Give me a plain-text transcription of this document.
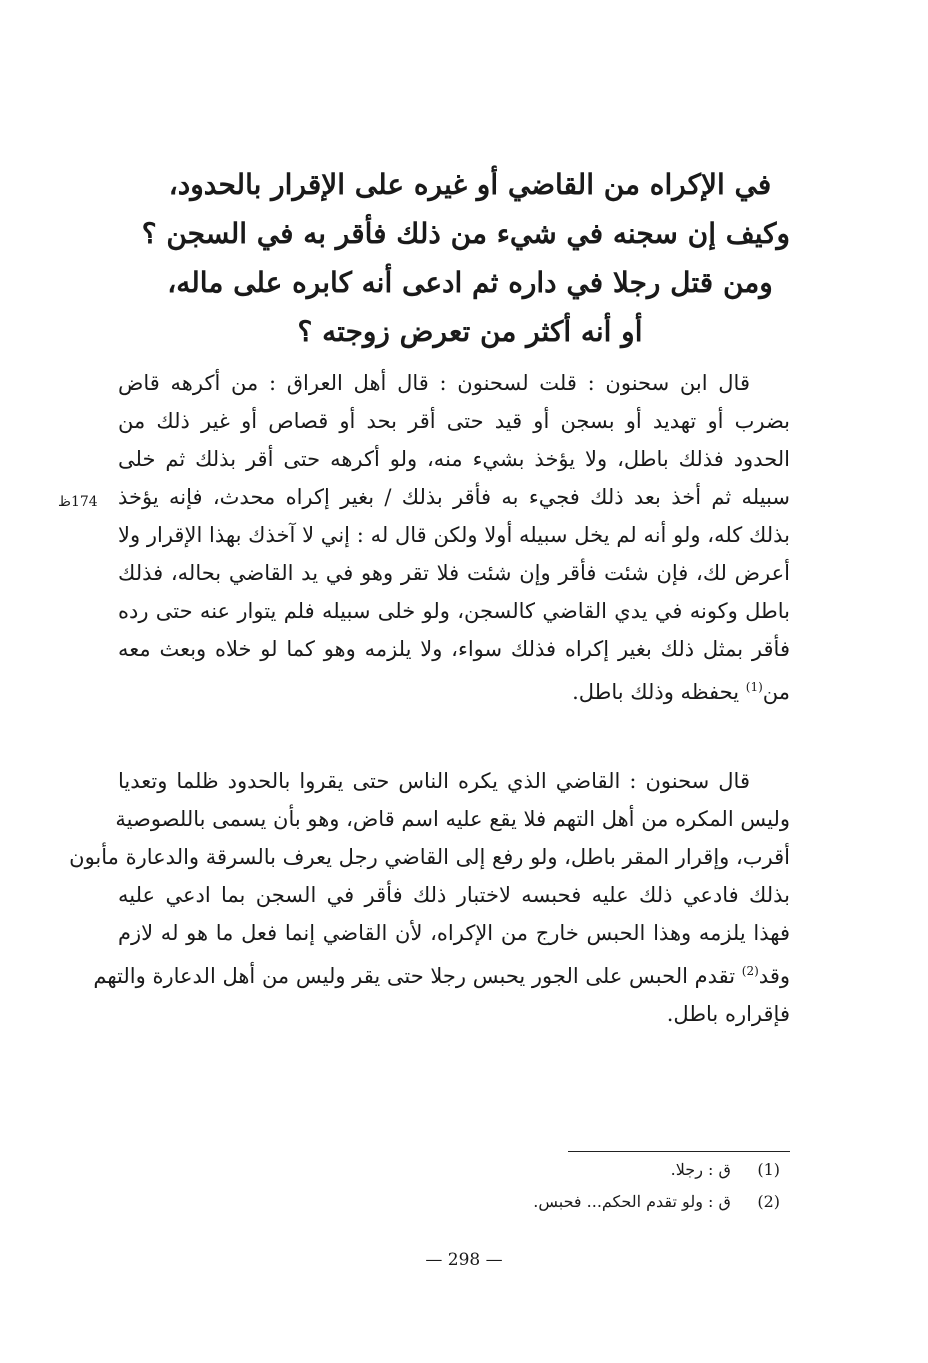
في الإكراه من القاضي أو غيره على الإقرار بالحدود،
وكيف إن سجنه في شيء من ذلك فأقر به في السجن ؟
ومن قتل رجلا في داره ثم ادعى أنه كابره على ماله،
أو أنه أكثر من تعرض زوجته ؟
قال ابن سحنون : قلت لسحنون : قال أهل العراق : من أكرهه قاض
بضرب أو تهديد أو بسجن أو قيد حتى أقر بحد أو قصاص أو غير ذلك من
الحدود فذلك باطل، ولا يؤخذ بشيء منه، ولو أكرهه حتى أقر بذلك ثم خلى
سبيله ثم أخذ بعد ذلك فجيء به فأقر بذلك / بغير إكراه محدث، فإنه يؤخذ
بذلك كله، ولو أنه لم يخل سبيله أولا ولكن قال له : إني لا آخذك بهذا الإقرار ولا
أعرض لك، فإن شئت فأقر وإن شئت فلا تقر وهو في يد القاضي بحاله، فذلك
باطل وكونه في يدي القاضي كالسجن، ولو خلى سبيله فلم يتوار عنه حتى رده
فأقر بمثل ذلك بغير إكراه فذلك سواء، ولا يلزمه وهو كما لو خلاه وبعث معه
من$^{(1)}$ يحفظه وذلك باطل.
174ظ
قال سحنون : القاضي الذي يكره الناس حتى يقروا بالحدود ظلما وتعديا
وليس المكره من أهل التهم فلا يقع عليه اسم قاض، وهو بأن يسمى باللصوصية
أقرب، وإقرار المقر باطل، ولو رفع إلى القاضي رجل يعرف بالسرقة والدعارة مأبون
بذلك فادعي ذلك عليه فحبسه لاختبار ذلك فأقر في السجن بما ادعي عليه
فهذا يلزمه وهذا الحبس خارج من الإكراه، لأن القاضي إنما فعل ما هو له لازم
وقد$^{(2)}$ تقدم الحبس على الجور يحبس رجلا حتى يقر وليس من أهل الدعارة والتهم
فإقراره باطل.
(1) ق : رجلا.
(2) ق : ولو تقدم الحكم... فحبس.
— 298 —
